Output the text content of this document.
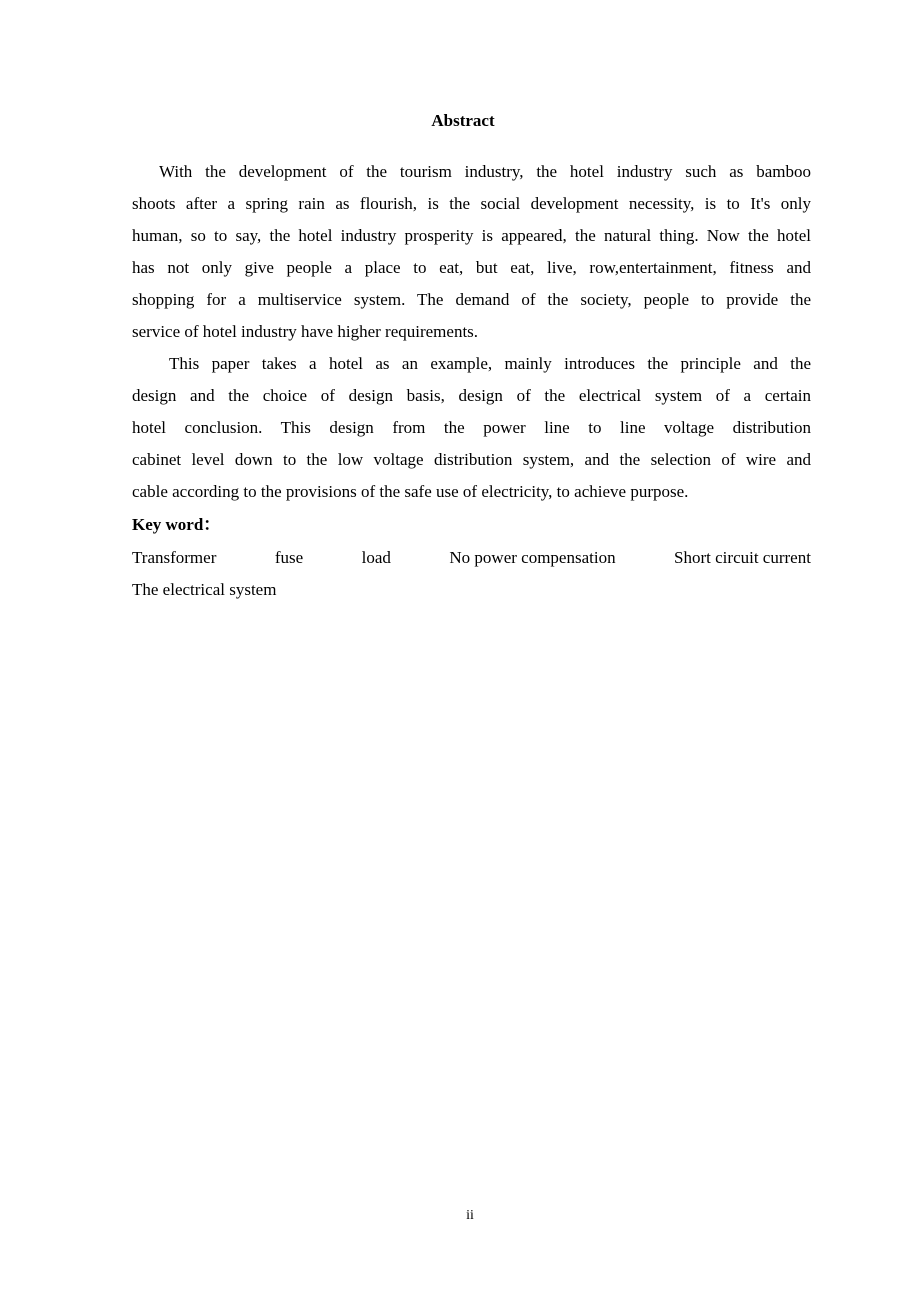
Abstract

With the development of the tourism industry, the hotel industry such as bamboo
shoots after a spring rain as flourish, is the social development necessity, is to It's only
human, so to say, the hotel industry prosperity is appeared, the natural thing. Now the hotel
has not only give people a place to eat, but eat, live, row,entertainment, fitness and
shopping for a multiservice system. The demand of the society, people to provide the
service of hotel industry have higher requirements.

This paper takes a hotel as an example, mainly introduces the principle and the
design and the choice of design basis, design of the electrical system of a certain
hotel conclusion. This design from the power line to line voltage distribution
cabinet level down to the low voltage distribution system, and the selection of wire and
cable according to the provisions of the safe use of electricity, to achieve purpose.

Key word：

Transformer	fuse	load	No power compensation	Short circuit current
The electrical system
ii
